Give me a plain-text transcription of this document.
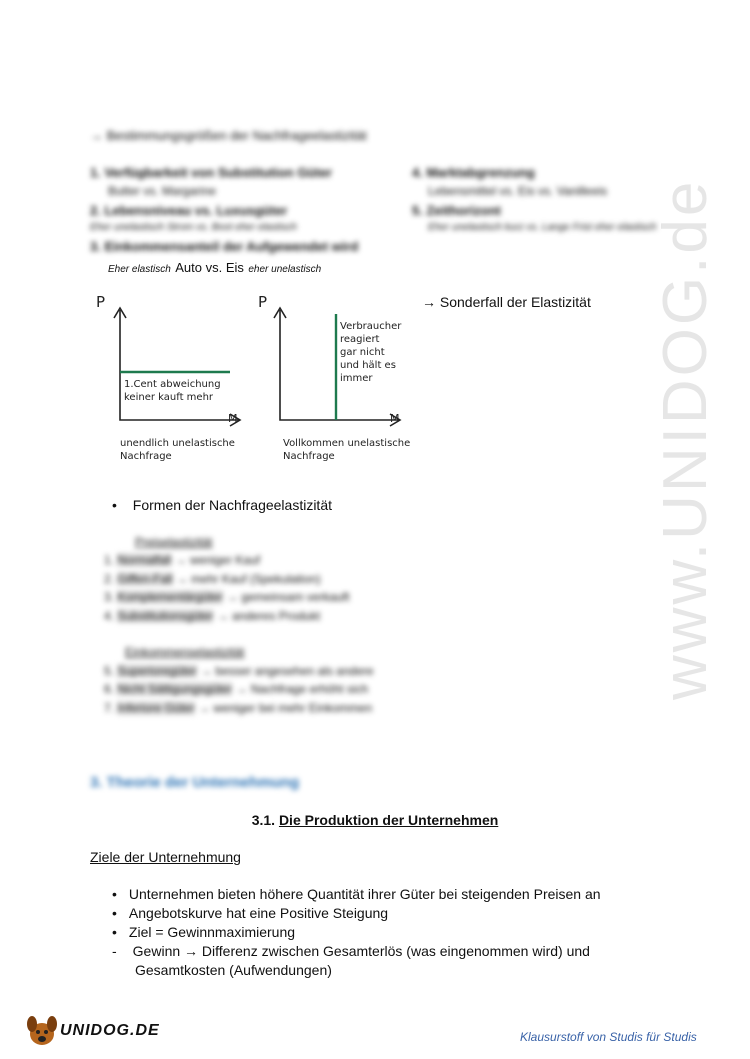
www.UNIDOG.de
→ Bestimmungsgrößen der Nachfrageelastizität
1. Verfügbarkeit von Substitution Güter
Butter vs. Margarine
2. Lebensniveau vs. Luxusgüter
Eher unelastisch Strom vs. Boot eher elastisch
3. Einkommensanteil der Aufgewendet wird
Eher elastisch Auto vs. Eis eher unelastisch
4. Marktabgrenzung
Lebensmittel vs. Eis vs. Vanilleeis
5. Zeithorizont
Eher unelastisch kurz vs. Lange Frist eher elastisch
→ Sonderfall der Elastizität
P
M
1.Cent abweichung
keiner kauft mehr
unendlich unelastische
Nachfrage
P
M
Verbraucher
reagiert
gar nicht
und hält es
immer
Vollkommen unelastische
Nachfrage
• Formen der Nachfrageelastizität
Preiselastizität
1. Normalfall → weniger Kauf
2. Giffen-Fall → mehr Kauf (Spekulation)
3. Komplementärgüter → gemeinsam verkauft
4. Substitutionsgüter → anderes Produkt
Einkommenselastizität
5. Superioregüter → besser angesehen als andere
6. Nicht Sättigungsgüter → Nachfrage erhöht sich
7. Inferiore Güter → weniger bei mehr Einkommen
3. Theorie der Unternehmung
3.1. Die Produktion der Unternehmen
Ziele der Unternehmung
• Unternehmen bieten höhere Quantität ihrer Güter bei steigenden Preisen an
• Angebotskurve hat eine Positive Steigung
• Ziel = Gewinnmaximierung
- Gewinn → Differenz zwischen Gesamterlös (was eingenommen wird) und
Gesamtkosten (Aufwendungen)
UNIDOG.DE	Klausurstoff von Studis für Studis
